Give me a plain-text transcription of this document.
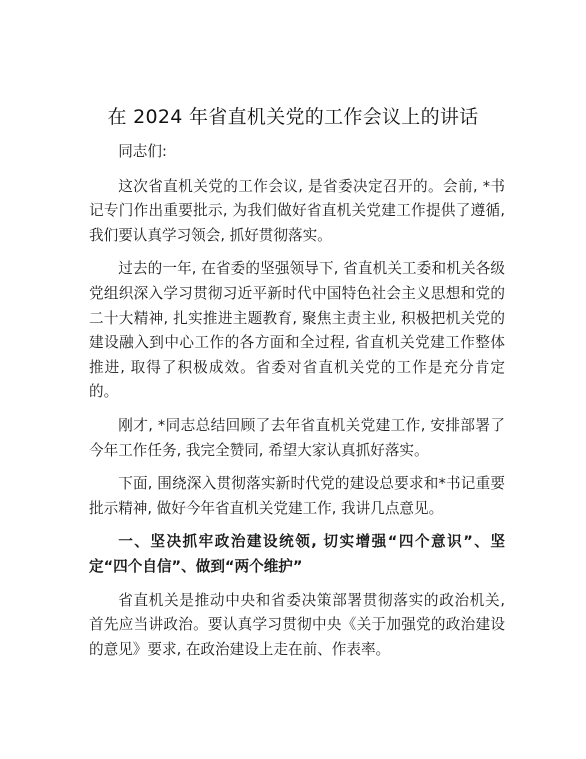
在 2024 年省直机关党的工作会议上的讲话

同志们:

这次省直机关党的工作会议, 是省委决定召开的。会前, *书记专门作出重要批示, 为我们做好省直机关党建工作提供了遵循, 我们要认真学习领会, 抓好贯彻落实。

过去的一年, 在省委的坚强领导下, 省直机关工委和机关各级党组织深入学习贯彻习近平新时代中国特色社会主义思想和党的二十大精神, 扎实推进主题教育, 聚焦主责主业, 积极把机关党的建设融入到中心工作的各方面和全过程, 省直机关党建工作整体推进, 取得了积极成效。省委对省直机关党的工作是充分肯定的。

刚才, *同志总结回顾了去年省直机关党建工作, 安排部署了今年工作任务, 我完全赞同, 希望大家认真抓好落实。

下面, 围绕深入贯彻落实新时代党的建设总要求和*书记重要批示精神, 做好今年省直机关党建工作, 我讲几点意见。

一、坚决抓牢政治建设统领, 切实增强“四个意识”、坚定“四个自信”、做到“两个维护”

省直机关是推动中央和省委决策部署贯彻落实的政治机关, 首先应当讲政治。要认真学习贯彻中央《关于加强党的政治建设的意见》要求, 在政治建设上走在前、作表率。
